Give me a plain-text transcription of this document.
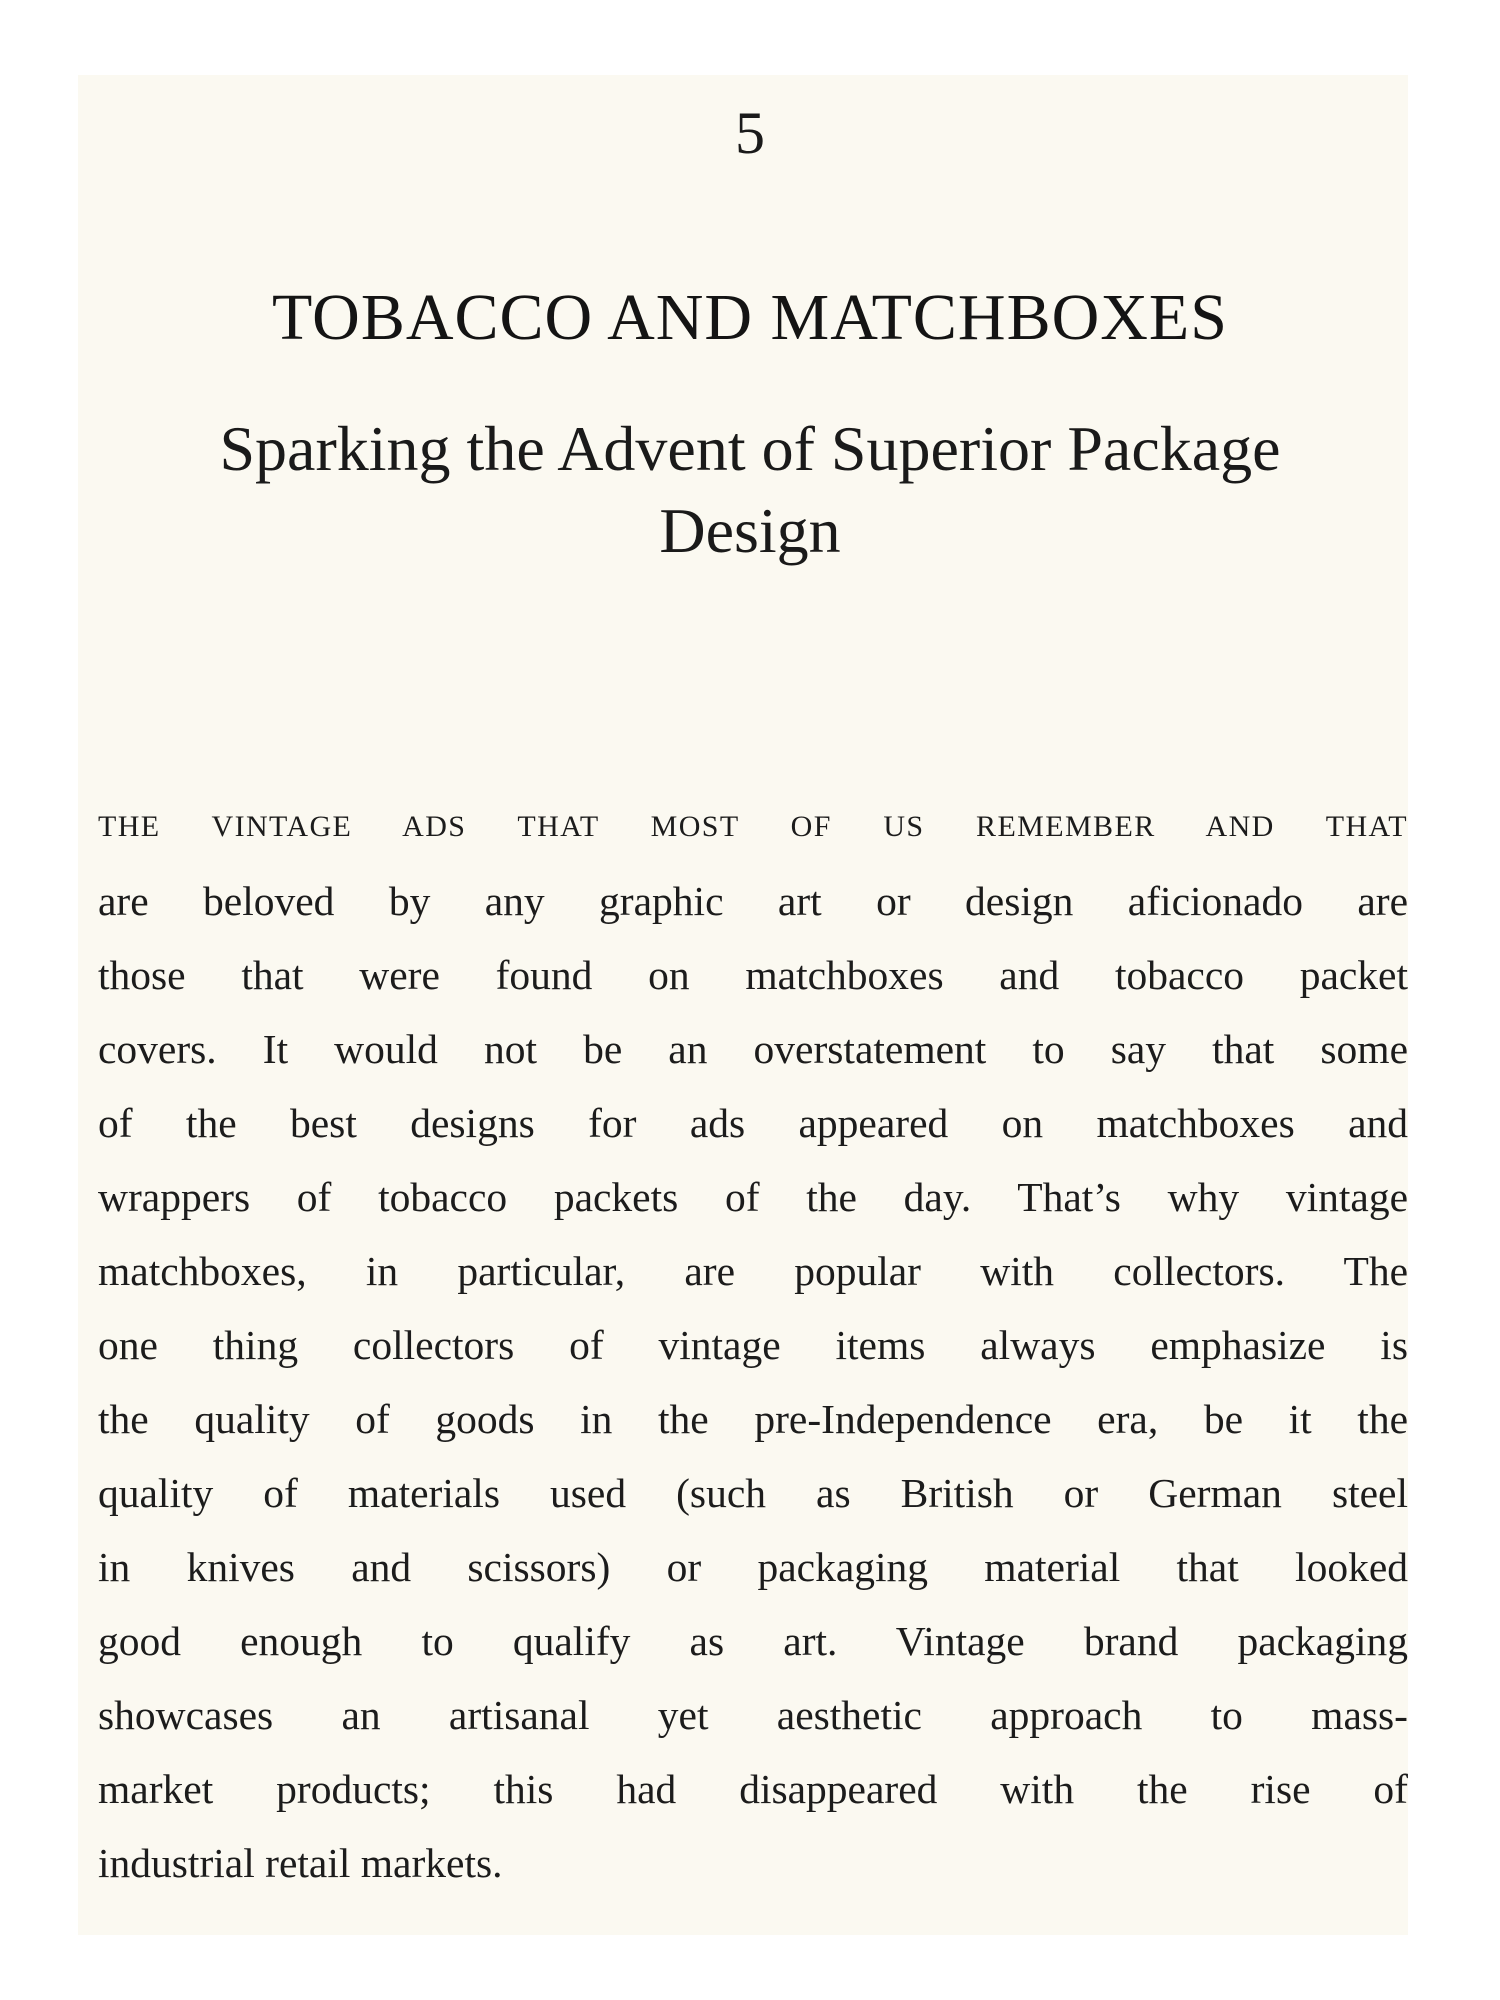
5
TOBACCO AND MATCHBOXES
Sparking the Advent of Superior Package Design
THE VINTAGE ADS THAT MOST OF US REMEMBER AND THAT
are beloved by any graphic art or design aficionado are
those that were found on matchboxes and tobacco packet
covers. It would not be an overstatement to say that some
of the best designs for ads appeared on matchboxes and
wrappers of tobacco packets of the day. That’s why vintage
matchboxes, in particular, are popular with collectors. The
one thing collectors of vintage items always emphasize is
the quality of goods in the pre-Independence era, be it the
quality of materials used (such as British or German steel
in knives and scissors) or packaging material that looked
good enough to qualify as art. Vintage brand packaging
showcases an artisanal yet aesthetic approach to mass-
market products; this had disappeared with the rise of
industrial retail markets.
